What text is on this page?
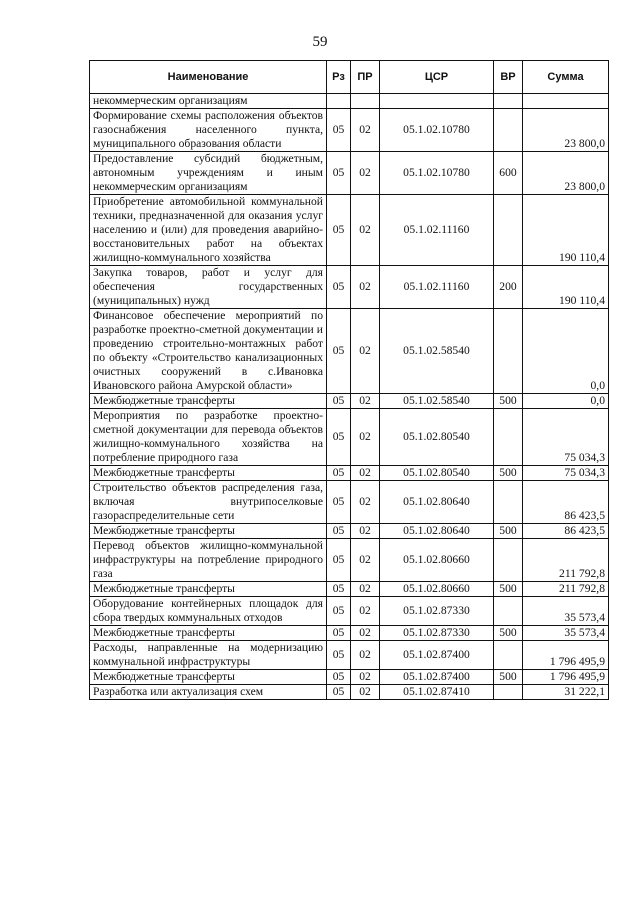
59
Наименование	Рз	ПР	ЦСР	ВР	Сумма
некоммерческим организациям					
Формирование схемы расположения объектов газоснабжения населенного пункта, муниципального образования области	05	02	05.1.02.10780		23 800,0
Предоставление субсидий бюджетным, автономным учреждениям и иным некоммерческим организациям	05	02	05.1.02.10780	600	23 800,0
Приобретение автомобильной коммунальной техники, предназначенной для оказания услуг населению и (или) для проведения аварийно-восстановительных работ на объектах жилищно-коммунального хозяйства	05	02	05.1.02.11160		190 110,4
Закупка товаров, работ и услуг для обеспечения государственных (муниципальных) нужд	05	02	05.1.02.11160	200	190 110,4
Финансовое обеспечение мероприятий по разработке проектно-сметной документации и проведению строительно-монтажных работ по объекту «Строительство канализационных очистных сооружений в с.Ивановка Ивановского района Амурской области»	05	02	05.1.02.58540		0,0
Межбюджетные трансферты	05	02	05.1.02.58540	500	0,0
Мероприятия по разработке проектно-сметной документации для перевода объектов жилищно-коммунального хозяйства на потребление природного газа	05	02	05.1.02.80540		75 034,3
Межбюджетные трансферты	05	02	05.1.02.80540	500	75 034,3
Строительство объектов распределения газа, включая внутрипоселковые газораспределительные сети	05	02	05.1.02.80640		86 423,5
Межбюджетные трансферты	05	02	05.1.02.80640	500	86 423,5
Перевод объектов жилищно-коммунальной инфраструктуры на потребление природного газа	05	02	05.1.02.80660		211 792,8
Межбюджетные трансферты	05	02	05.1.02.80660	500	211 792,8
Оборудование контейнерных площадок для сбора твердых коммунальных отходов	05	02	05.1.02.87330		35 573,4
Межбюджетные трансферты	05	02	05.1.02.87330	500	35 573,4
Расходы, направленные на модернизацию коммунальной инфраструктуры	05	02	05.1.02.87400		1 796 495,9
Межбюджетные трансферты	05	02	05.1.02.87400	500	1 796 495,9
Разработка или актуализация схем	05	02	05.1.02.87410		31 222,1
